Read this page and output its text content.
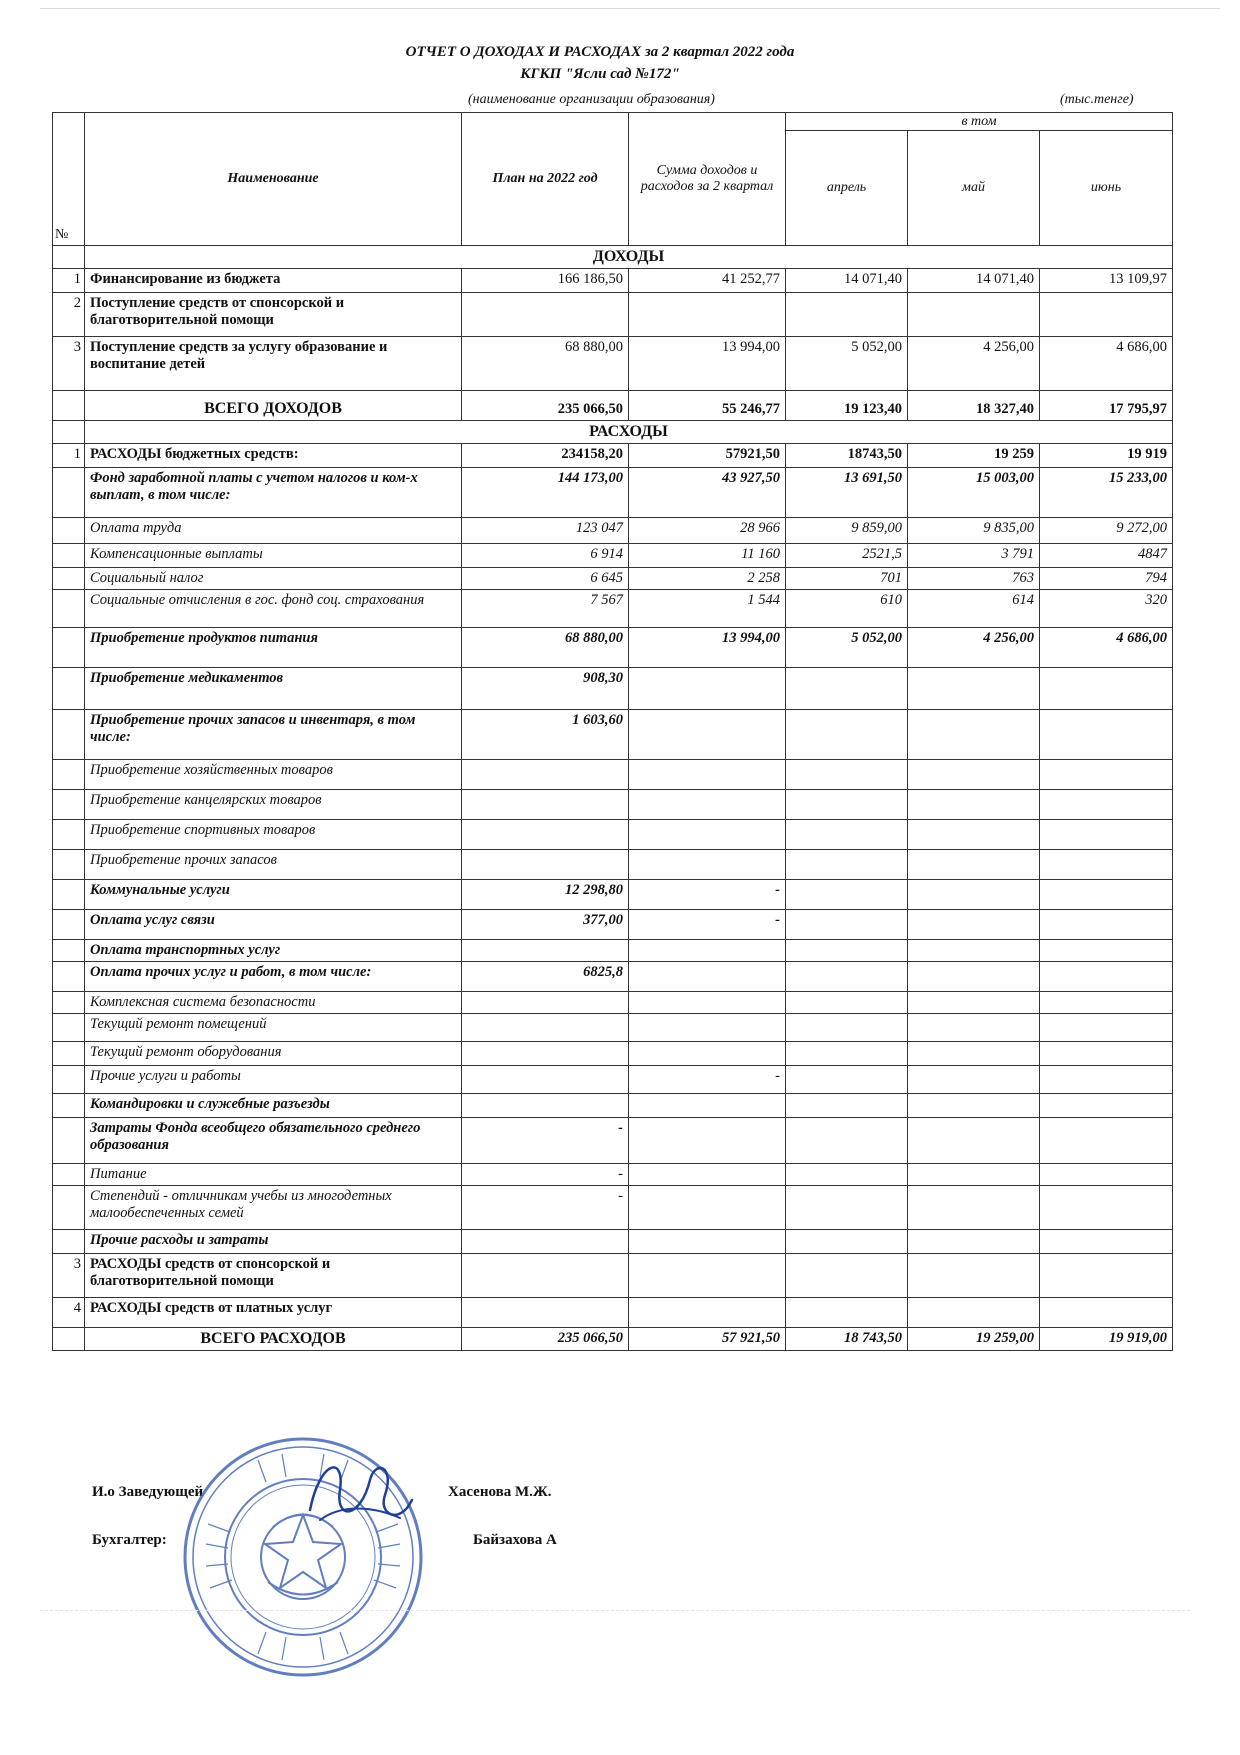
ОТЧЕТ О ДОХОДАХ И РАСХОДАХ за 2 квартал 2022 года
КГКП "Ясли сад №172"
(наименование организации образования)	(тыс.тенге)
№	Наименование	План на 2022 год	Сумма доходов и расходов за 2 квартал	в том		
				апрель	май	июнь
	ДОХОДЫ					
1	Финансирование из бюджета	166 186,50	41 252,77	14 071,40	14 071,40	13 109,97
2	Поступление средств от спонсорской и благотворительной помощи					
3	Поступление средств за услугу образование и воспитание детей	68 880,00	13 994,00	5 052,00	4 256,00	4 686,00
	ВСЕГО ДОХОДОВ	235 066,50	55 246,77	19 123,40	18 327,40	17 795,97
	РАСХОДЫ					
1	РАСХОДЫ бюджетных средств:	234158,20	57921,50	18743,50	19 259	19 919
	Фонд заработной платы с учетом налогов и ком-х выплат, в том числе:	144 173,00	43 927,50	13 691,50	15 003,00	15 233,00
	Оплата труда	123 047	28 966	9 859,00	9 835,00	9 272,00
	Компенсационные выплаты	6 914	11 160	2521,5	3 791	4847
	Социальный налог	6 645	2 258	701	763	794
	Социальные отчисления в гос. фонд соц. страхования	7 567	1 544	610	614	320
	Приобретение продуктов питания	68 880,00	13 994,00	5 052,00	4 256,00	4 686,00
	Приобретение медикаментов	908,30				
	Приобретение прочих запасов и инвентаря, в том числе:	1 603,60				
	Приобретение хозяйственных товаров					
	Приобретение канцелярских товаров					
	Приобретение спортивных товаров					
	Приобретение прочих запасов					
	Коммунальные услуги	12 298,80	-			
	Оплата услуг связи	377,00	-			
	Оплата транспортных услуг					
	Оплата прочих услуг и работ, в том числе:	6825,8				
	Комплексная система безопасности					
	Текущий ремонт помещений					
	Текущий ремонт оборудования					
	Прочие услуги и работы		-			
	Командировки и служебные разъезды					
	Затраты Фонда всеобщего обязательного среднего образования	-				
	Питание	-				
	Степендий - отличникам учебы из многодетных малообеспеченных семей	-				
	Прочие расходы и затраты					
3	РАСХОДЫ средств от спонсорской и благотворительной помощи					
4	РАСХОДЫ средств от платных услуг					
	ВСЕГО РАСХОДОВ	235 066,50	57 921,50	18 743,50	19 259,00	19 919,00
И.о Заведующей	Хасенова М.Ж.
Бухгалтер:	Байзахова А
